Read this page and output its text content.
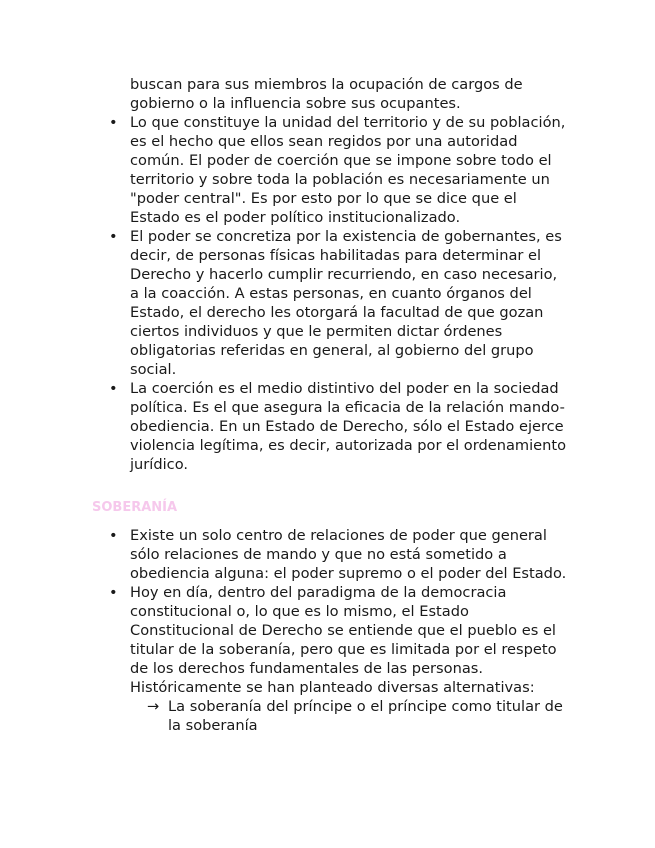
buscan para sus miembros la ocupación de cargos de gobierno o la influencia sobre sus ocupantes.

• Lo que constituye la unidad del territorio y de su población, es el hecho que ellos sean regidos por una autoridad común. El poder de coerción que se impone sobre todo el territorio y sobre toda la población es necesariamente un "poder central". Es por esto por lo que se dice que el Estado es el poder político institucionalizado.
• El poder se concretiza por la existencia de gobernantes, es decir, de personas físicas habilitadas para determinar el Derecho y hacerlo cumplir recurriendo, en caso necesario, a la coacción. A estas personas, en cuanto órganos del Estado, el derecho les otorgará la facultad de que gozan ciertos individuos y que le permiten dictar órdenes obligatorias referidas en general, al gobierno del grupo social.
• La coerción es el medio distintivo del poder en la sociedad política. Es el que asegura la eficacia de la relación mando-obediencia. En un Estado de Derecho, sólo el Estado ejerce violencia legítima, es decir, autorizada por el ordenamiento jurídico.
SOBERANÍA
• Existe un solo centro de relaciones de poder que general sólo relaciones de mando y que no está sometido a obediencia alguna: el poder supremo o el poder del Estado.
• Hoy en día, dentro del paradigma de la democracia constitucional o, lo que es lo mismo, el Estado Constitucional de Derecho se entiende que el pueblo es el titular de la soberanía, pero que es limitada por el respeto de los derechos fundamentales de las personas. Históricamente se han planteado diversas alternativas:
→ La soberanía del príncipe o el príncipe como titular de la soberanía
